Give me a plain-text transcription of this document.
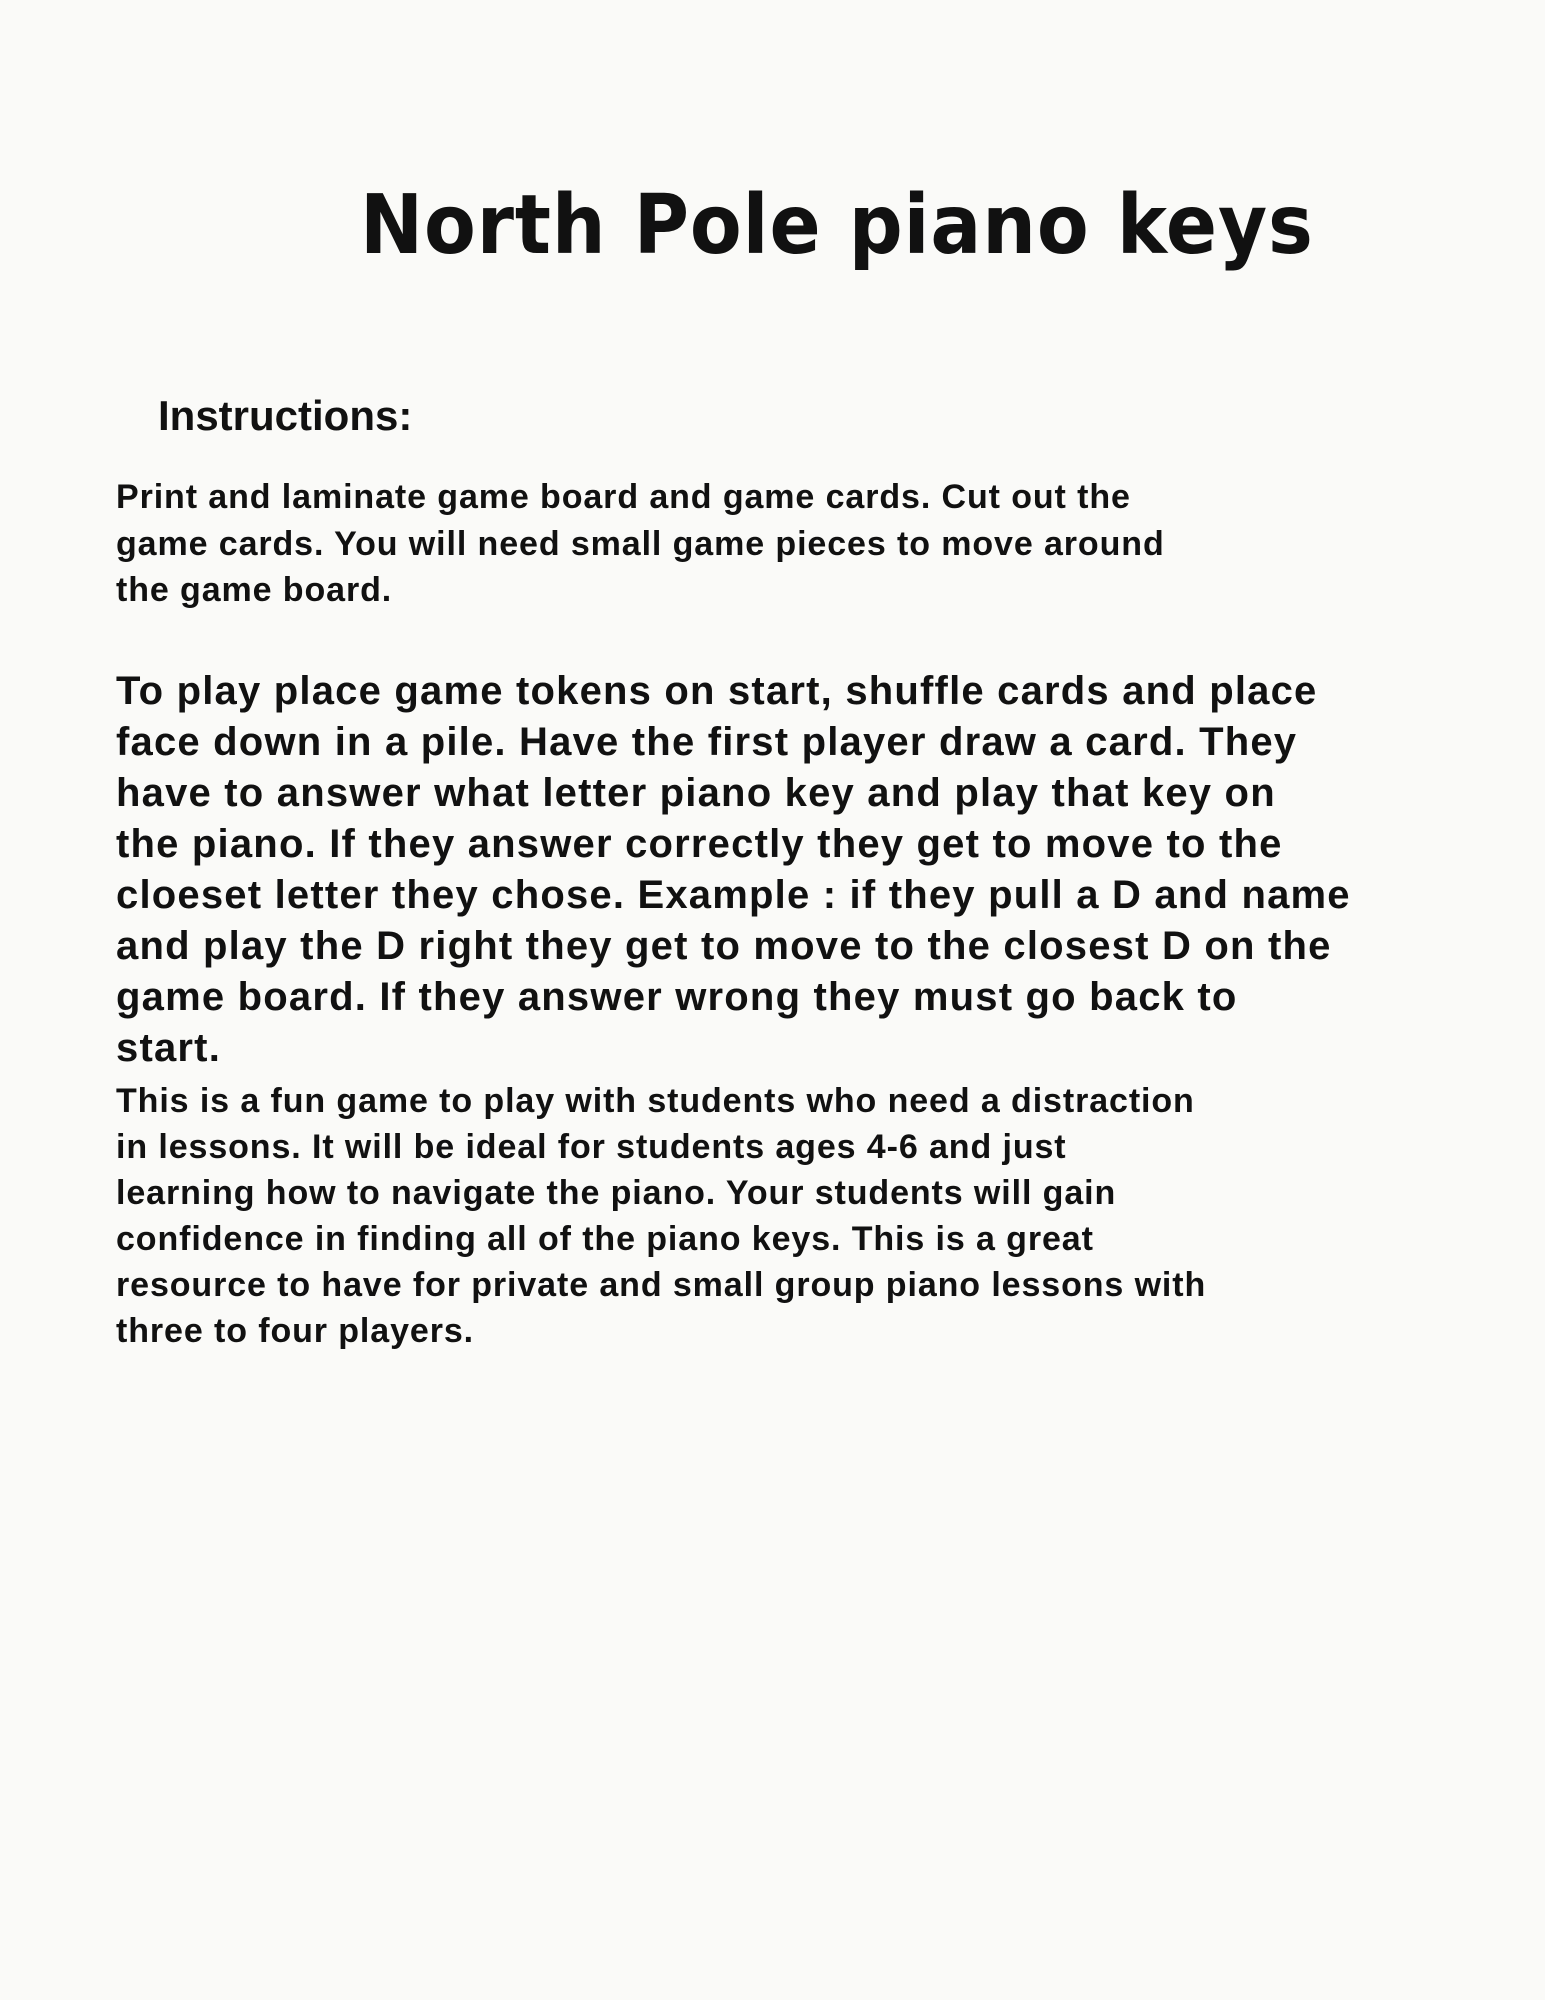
North Pole piano keys
Instructions:
Print and laminate game board and game cards. Cut out the
game cards. You will need small game pieces to move around
the game board.
To play place game tokens on start, shuffle cards and place
face down in a pile. Have the first player draw a card. They
have to answer what letter piano key and play that key on
the piano. If they answer correctly they get to move to the
cloeset letter they chose. Example : if they pull a D and name
and play the D right they get to move to the closest D on the
game board. If they answer wrong they must go back to
start.
This is a fun game to play with students who need a distraction
in lessons. It will be ideal for students ages 4-6 and just
learning how to navigate the piano. Your students will gain
confidence in finding all of the piano keys. This is a great
resource to have for private and small group piano lessons with
three to four players.
